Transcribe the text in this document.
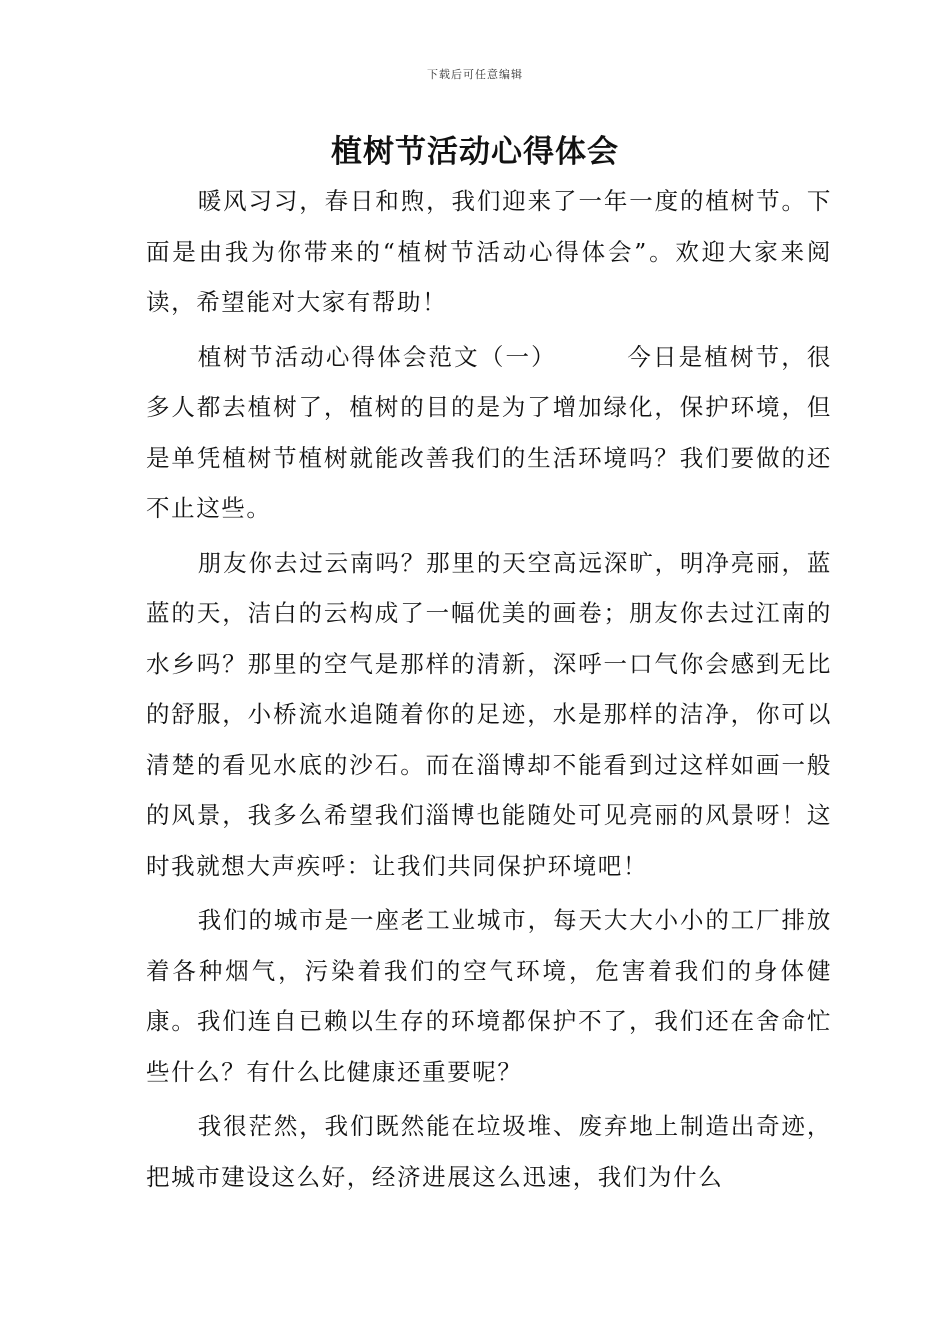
下载后可任意编辑
植树节活动心得体会

暖风习习，春日和煦，我们迎来了一年一度的植树节。下面是由我为你带来的“植树节活动心得体会”。欢迎大家来阅读，希望能对大家有帮助！

植树节活动心得体会范文（一）	今日是植树节，很多人都去植树了，植树的目的是为了增加绿化，保护环境，但是单凭植树节植树就能改善我们的生活环境吗？我们要做的还不止这些。

朋友你去过云南吗？那里的天空高远深旷，明净亮丽，蓝蓝的天，洁白的云构成了一幅优美的画卷；朋友你去过江南的水乡吗？那里的空气是那样的清新，深呼一口气你会感到无比的舒服，小桥流水追随着你的足迹，水是那样的洁净，你可以清楚的看见水底的沙石。而在淄博却不能看到过这样如画一般的风景，我多么希望我们淄博也能随处可见亮丽的风景呀！这时我就想大声疾呼：让我们共同保护环境吧！

我们的城市是一座老工业城市，每天大大小小的工厂排放着各种烟气，污染着我们的空气环境，危害着我们的身体健康。我们连自已赖以生存的环境都保护不了，我们还在舍命忙些什么？有什么比健康还重要呢？

我很茫然，我们既然能在垃圾堆、废弃地上制造出奇迹，把城市建设这么好，经济进展这么迅速，我们为什么
